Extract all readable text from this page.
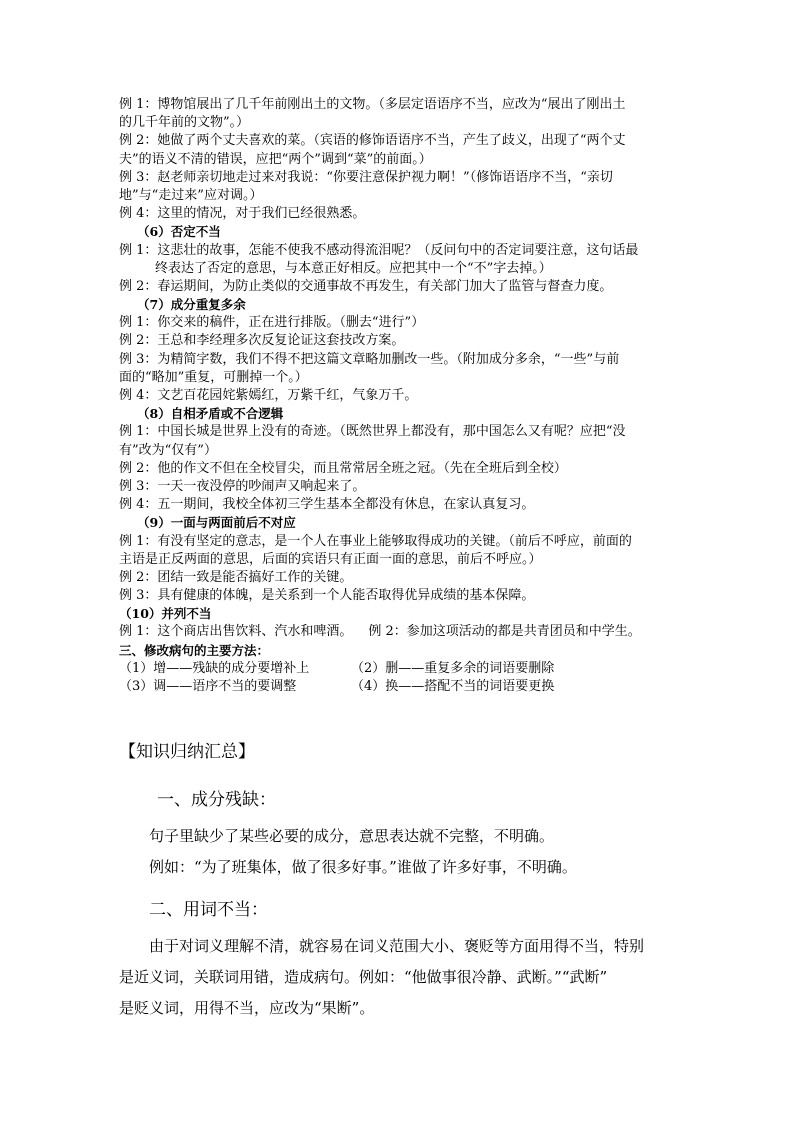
例 1：博物馆展出了几千年前刚出土的文物。（多层定语语序不当，应改为“展出了刚出土
的几千年前的文物”。）
例 2：她做了两个丈夫喜欢的菜。（宾语的修饰语语序不当，产生了歧义，出现了“两个丈
夫”的语义不清的错误，应把“两个”调到“菜”的前面。）
例 3：赵老师亲切地走过来对我说：“你要注意保护视力啊！”（修饰语语序不当，“亲切
地”与“走过来”应对调。）
例 4：这里的情况，对于我们已经很熟悉。
（6）否定不当
例 1：这悲壮的故事，怎能不使我不感动得流泪呢？（反问句中的否定词要注意，这句话最
终表达了否定的意思，与本意正好相反。应把其中一个“不”字去掉。）
例 2：春运期间，为防止类似的交通事故不再发生，有关部门加大了监管与督查力度。
（7）成分重复多余
例 1：你交来的稿件，正在进行排版。（删去“进行”）
例 2：王总和李经理多次反复论证这套技改方案。
例 3：为精简字数，我们不得不把这篇文章略加删改一些。（附加成分多余，“一些”与前
面的“略加”重复，可删掉一个。）
例 4：文艺百花园姹紫嫣红，万紫千红，气象万千。
（8）自相矛盾或不合逻辑
例 1：中国长城是世界上没有的奇迹。（既然世界上都没有，那中国怎么又有呢？应把“没
有”改为“仅有”）
例 2：他的作文不但在全校冒尖，而且常常居全班之冠。（先在全班后到全校）
例 3：一天一夜没停的吵闹声又响起来了。
例 4：五一期间，我校全体初三学生基本全都没有休息，在家认真复习。
（9）一面与两面前后不对应
例 1：有没有坚定的意志，是一个人在事业上能够取得成功的关键。（前后不呼应，前面的
主语是正反两面的意思，后面的宾语只有正面一面的意思，前后不呼应。）
例 2：团结一致是能否搞好工作的关键。
例 3：具有健康的体魄，是关系到一个人能否取得优异成绩的基本保障。
（10）并列不当
例 1：这个商店出售饮料、汽水和啤酒。 例 2：参加这项活动的都是共青团员和中学生。
三、修改病句的主要方法：
（1）增——残缺的成分要增补上	（2）删——重复多余的词语要删除
（3）调——语序不当的要调整	（4）换——搭配不当的词语要更换
【知识归纳汇总】
一、成分残缺：
句子里缺少了某些必要的成分，意思表达就不完整，不明确。
例如：“为了班集体，做了很多好事。”谁做了许多好事，不明确。
二、用词不当：
由于对词义理解不清，就容易在词义范围大小、褒贬等方面用得不当，特别
是近义词，关联词用错，造成病句。例如：“他做事很冷静、武断。”“武断”
是贬义词，用得不当，应改为“果断”。
